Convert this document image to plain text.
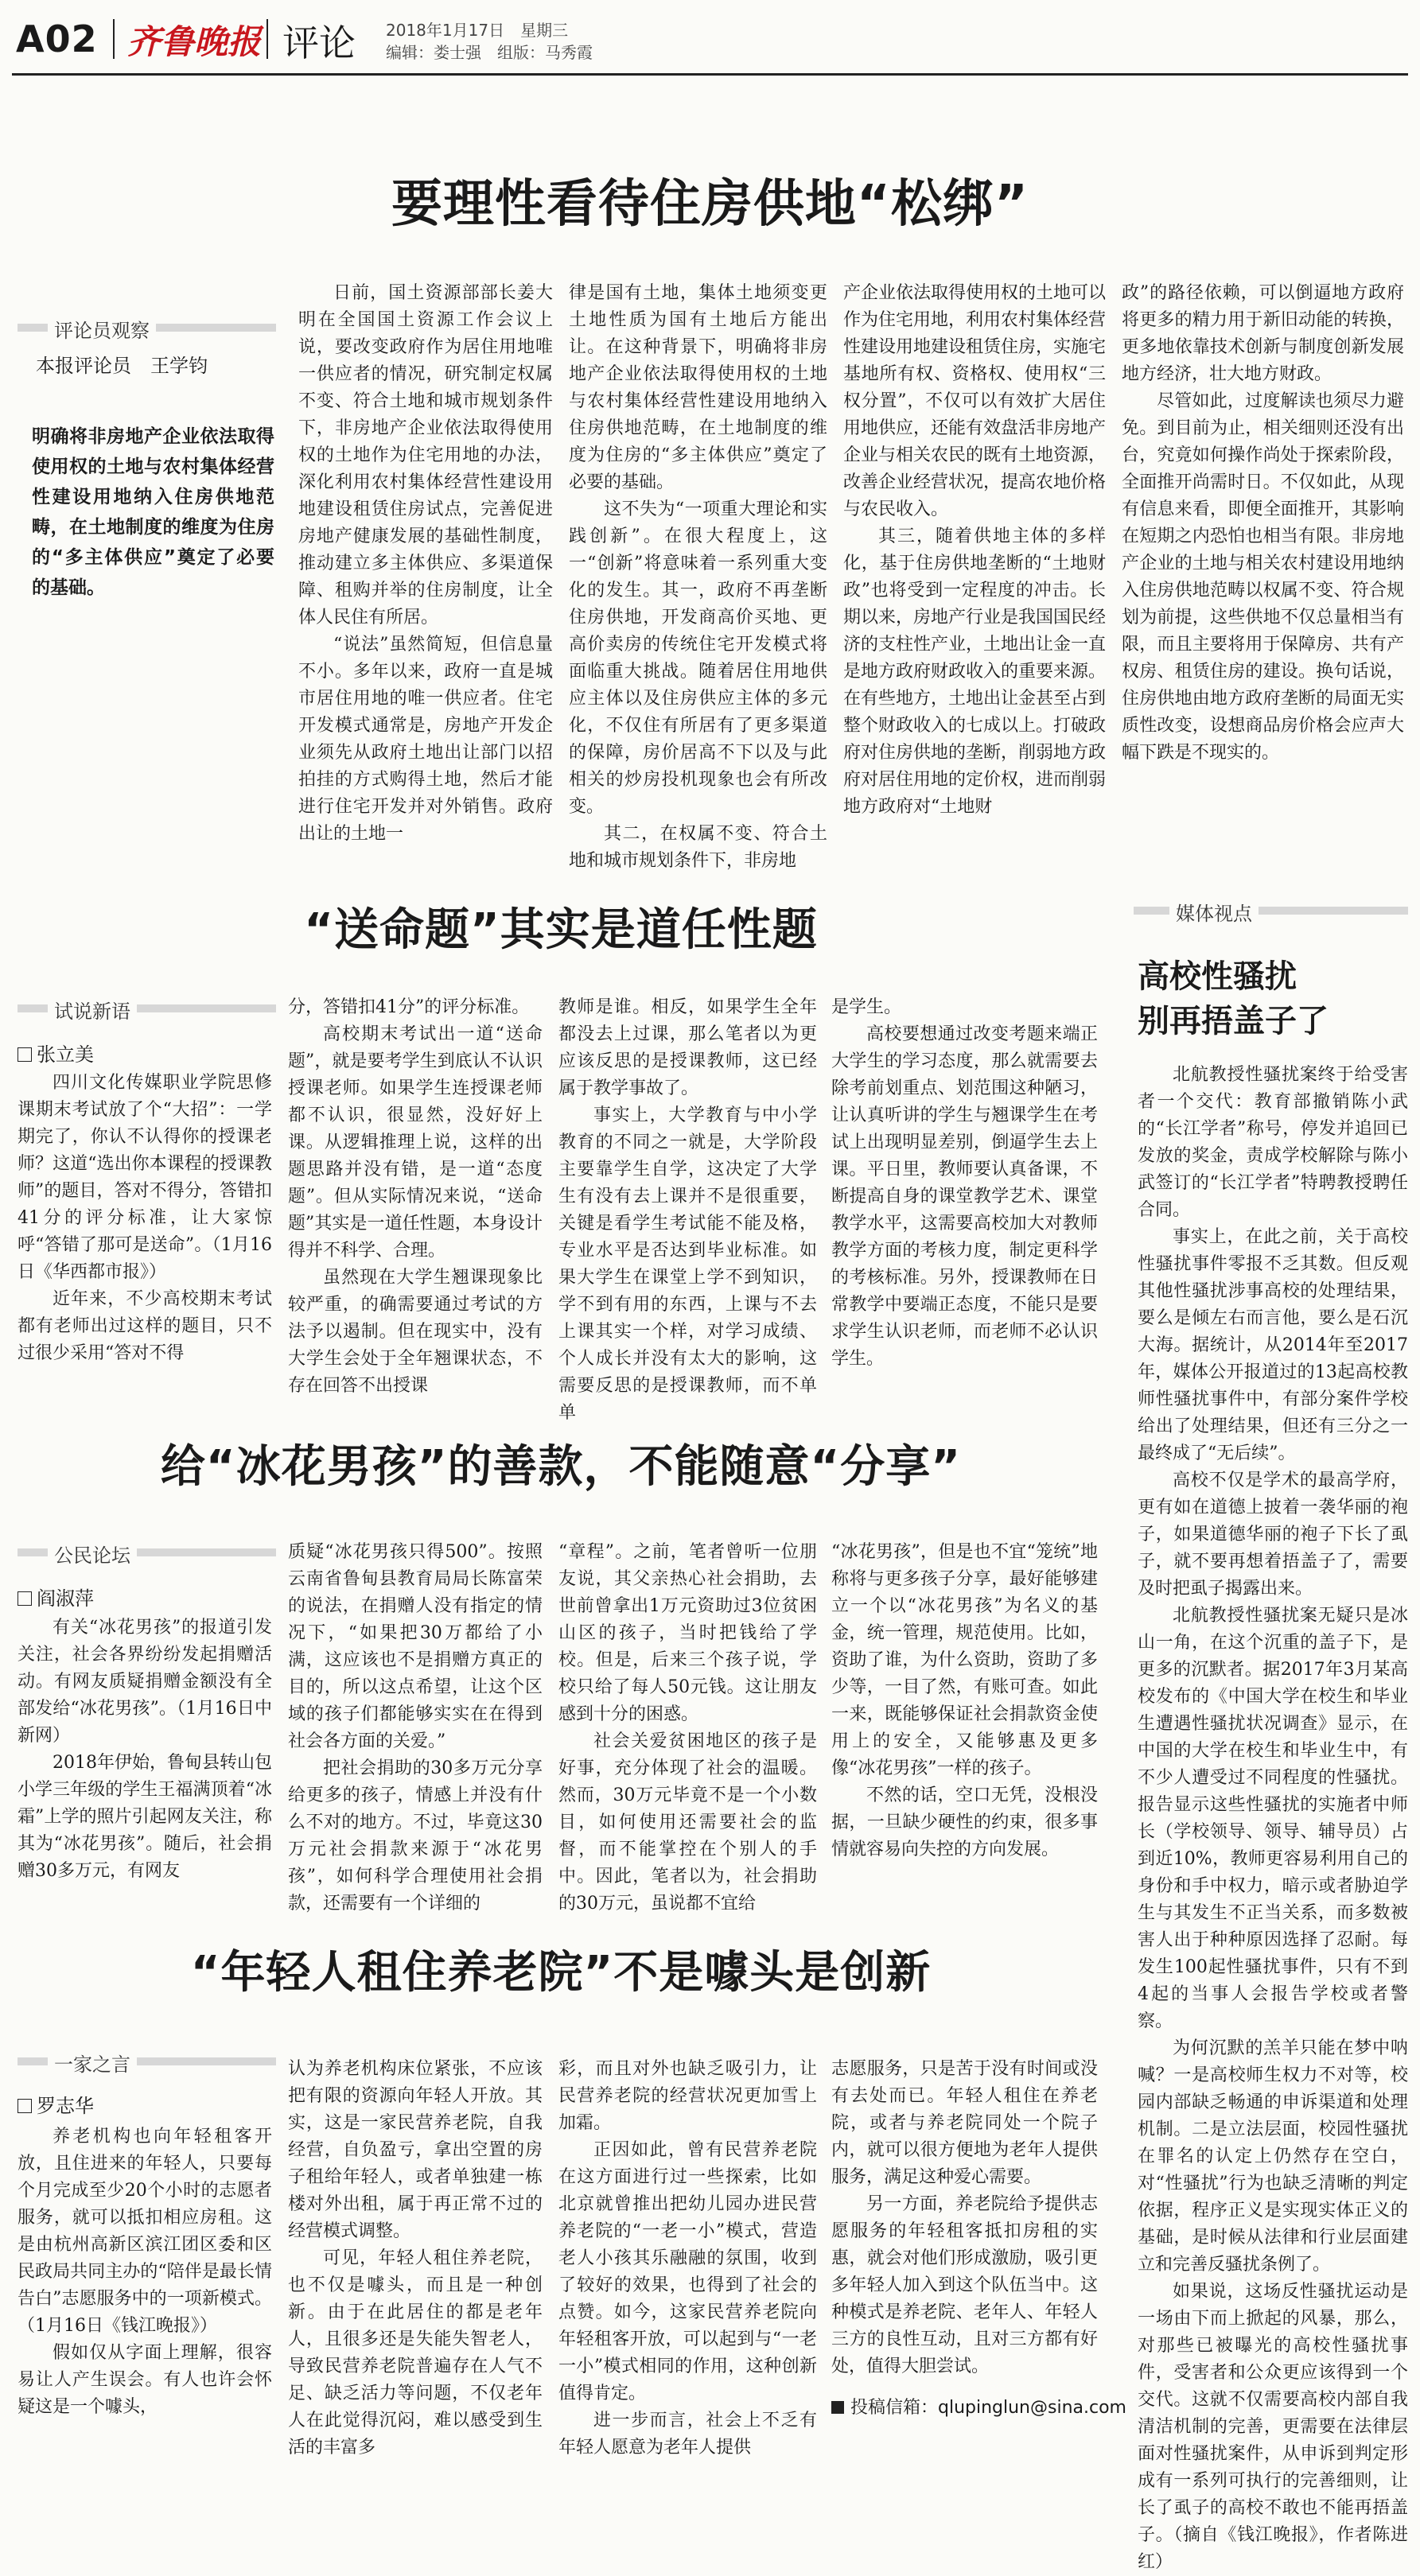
A02 齐鲁晚报 评论 2018年1月17日　星期三
编辑：娄士强　组版：马秀霞
要理性看待住房供地“松绑”
评论员观察
本报评论员　王学钧
明确将非房地产企业依法取得使用权的土地与农村集体经营性建设用地纳入住房供地范畴，在土地制度的维度为住房的“多主体供应”奠定了必要的基础。

日前，国土资源部部长姜大明在全国国土资源工作会议上说，要改变政府作为居住用地唯一供应者的情况，研究制定权属不变、符合土地和城市规划条件下，非房地产企业依法取得使用权的土地作为住宅用地的办法，深化利用农村集体经营性建设用地建设租赁住房试点，完善促进房地产健康发展的基础性制度，推动建立多主体供应、多渠道保障、租购并举的住房制度，让全体人民住有所居。

“说法”虽然简短，但信息量不小。多年以来，政府一直是城市居住用地的唯一供应者。住宅开发模式通常是，房地产开发企业须先从政府土地出让部门以招拍挂的方式购得土地，然后才能进行住宅开发并对外销售。政府出让的土地一

律是国有土地，集体土地须变更土地性质为国有土地后方能出让。在这种背景下，明确将非房地产企业依法取得使用权的土地与农村集体经营性建设用地纳入住房供地范畴，在土地制度的维度为住房的“多主体供应”奠定了必要的基础。

这不失为“一项重大理论和实践创新”。在很大程度上，这一“创新”将意味着一系列重大变化的发生。其一，政府不再垄断住房供地，开发商高价买地、更高价卖房的传统住宅开发模式将面临重大挑战。随着居住用地供应主体以及住房供应主体的多元化，不仅住有所居有了更多渠道的保障，房价居高不下以及与此相关的炒房投机现象也会有所改变。

其二，在权属不变、符合土地和城市规划条件下，非房地

产企业依法取得使用权的土地可以作为住宅用地，利用农村集体经营性建设用地建设租赁住房，实施宅基地所有权、资格权、使用权“三权分置”，不仅可以有效扩大居住用地供应，还能有效盘活非房地产企业与相关农民的既有土地资源，改善企业经营状况，提高农地价格与农民收入。

其三，随着供地主体的多样化，基于住房供地垄断的“土地财政”也将受到一定程度的冲击。长期以来，房地产行业是我国国民经济的支柱性产业，土地出让金一直是地方政府财政收入的重要来源。在有些地方，土地出让金甚至占到整个财政收入的七成以上。打破政府对住房供地的垄断，削弱地方政府对居住用地的定价权，进而削弱地方政府对“土地财

政”的路径依赖，可以倒逼地方政府将更多的精力用于新旧动能的转换，更多地依靠技术创新与制度创新发展地方经济，壮大地方财政。

尽管如此，过度解读也须尽力避免。到目前为止，相关细则还没有出台，究竟如何操作尚处于探索阶段，全面推开尚需时日。不仅如此，从现有信息来看，即便全面推开，其影响在短期之内恐怕也相当有限。非房地产企业的土地与相关农村建设用地纳入住房供地范畴以权属不变、符合规划为前提，这些供地不仅总量相当有限，而且主要将用于保障房、共有产权房、租赁住房的建设。换句话说，住房供地由地方政府垄断的局面无实质性改变，设想商品房价格会应声大幅下跌是不现实的。

“送命题”其实是道任性题
试说新语
张立美

四川文化传媒职业学院思修课期末考试放了个“大招”：一学期完了，你认不认得你的授课老师？这道“选出你本课程的授课教师”的题目，答对不得分，答错扣41分的评分标准，让大家惊呼“答错了那可是送命”。（1月16日《华西都市报》）

近年来，不少高校期末考试都有老师出过这样的题目，只不过很少采用“答对不得

分，答错扣41分”的评分标准。

高校期末考试出一道“送命题”，就是要考学生到底认不认识授课老师。如果学生连授课老师都不认识，很显然，没好好上课。从逻辑推理上说，这样的出题思路并没有错，是一道“态度题”。但从实际情况来说，“送命题”其实是一道任性题，本身设计得并不科学、合理。

虽然现在大学生翘课现象比较严重，的确需要通过考试的方法予以遏制。但在现实中，没有大学生会处于全年翘课状态，不存在回答不出授课

教师是谁。相反，如果学生全年都没去上过课，那么笔者以为更应该反思的是授课教师，这已经属于教学事故了。

事实上，大学教育与中小学教育的不同之一就是，大学阶段主要靠学生自学，这决定了大学生有没有去上课并不是很重要，关键是看学生考试能不能及格，专业水平是否达到毕业标准。如果大学生在课堂上学不到知识，学不到有用的东西，上课与不去上课其实一个样，对学习成绩、个人成长并没有太大的影响，这需要反思的是授课教师，而不单单

是学生。

高校要想通过改变考题来端正大学生的学习态度，那么就需要去除考前划重点、划范围这种陋习，让认真听讲的学生与翘课学生在考试上出现明显差别，倒逼学生去上课。平日里，教师要认真备课，不断提高自身的课堂教学艺术、课堂教学水平，这需要高校加大对教师教学方面的考核力度，制定更科学的考核标准。另外，授课教师在日常教学中要端正态度，不能只是要求学生认识老师，而老师不必认识学生。

给“冰花男孩”的善款，不能随意“分享”
公民论坛
阎淑萍

有关“冰花男孩”的报道引发关注，社会各界纷纷发起捐赠活动。有网友质疑捐赠金额没有全部发给“冰花男孩”。（1月16日中新网）

2018年伊始，鲁甸县转山包小学三年级的学生王福满顶着“冰霜”上学的照片引起网友关注，称其为“冰花男孩”。随后，社会捐赠30多万元，有网友

质疑“冰花男孩只得500”。按照云南省鲁甸县教育局局长陈富荣的说法，在捐赠人没有指定的情况下，“如果把30万都给了小满，这应该也不是捐赠方真正的目的，所以这点希望，让这个区域的孩子们都能够实实在在得到社会各方面的关爱。”

把社会捐助的30多万元分享给更多的孩子，情感上并没有什么不对的地方。不过，毕竟这30万元社会捐款来源于“冰花男孩”，如何科学合理使用社会捐款，还需要有一个详细的

“章程”。之前，笔者曾听一位朋友说，其父亲热心社会捐助，去世前曾拿出1万元资助过3位贫困山区的孩子，当时把钱给了学校。但是，后来三个孩子说，学校只给了每人50元钱。这让朋友感到十分的困惑。

社会关爱贫困地区的孩子是好事，充分体现了社会的温暖。然而，30万元毕竟不是一个小数目，如何使用还需要社会的监督，而不能掌控在个别人的手中。因此，笔者以为，社会捐助的30万元，虽说都不宜给

“冰花男孩”，但是也不宜“笼统”地称将与更多孩子分享，最好能够建立一个以“冰花男孩”为名义的基金，统一管理，规范使用。比如，资助了谁，为什么资助，资助了多少等，一目了然，有账可查。如此一来，既能够保证社会捐款资金使用上的安全，又能够惠及更多像“冰花男孩”一样的孩子。

不然的话，空口无凭，没根没据，一旦缺少硬性的约束，很多事情就容易向失控的方向发展。

“年轻人租住养老院”不是噱头是创新
一家之言
罗志华

养老机构也向年轻租客开放，且住进来的年轻人，只要每个月完成至少20个小时的志愿者服务，就可以抵扣相应房租。这是由杭州高新区滨江团区委和区民政局共同主办的“陪伴是最长情告白”志愿服务中的一项新模式。（1月16日《钱江晚报》）

假如仅从字面上理解，很容易让人产生误会。有人也许会怀疑这是一个噱头，

认为养老机构床位紧张，不应该把有限的资源向年轻人开放。其实，这是一家民营养老院，自我经营，自负盈亏，拿出空置的房子租给年轻人，或者单独建一栋楼对外出租，属于再正常不过的经营模式调整。

可见，年轻人租住养老院，也不仅是噱头，而且是一种创新。由于在此居住的都是老年人，且很多还是失能失智老人，导致民营养老院普遍存在人气不足、缺乏活力等问题，不仅老年人在此觉得沉闷，难以感受到生活的丰富多

彩，而且对外也缺乏吸引力，让民营养老院的经营状况更加雪上加霜。

正因如此，曾有民营养老院在这方面进行过一些探索，比如北京就曾推出把幼儿园办进民营养老院的“一老一小”模式，营造老人小孩其乐融融的氛围，收到了较好的效果，也得到了社会的点赞。如今，这家民营养老院向年轻租客开放，可以起到与“一老一小”模式相同的作用，这种创新值得肯定。

进一步而言，社会上不乏有年轻人愿意为老年人提供

志愿服务，只是苦于没有时间或没有去处而已。年轻人租住在养老院，或者与养老院同处一个院子内，就可以很方便地为老年人提供服务，满足这种爱心需要。

另一方面，养老院给予提供志愿服务的年轻租客抵扣房租的实惠，就会对他们形成激励，吸引更多年轻人加入到这个队伍当中。这种模式是养老院、老年人、年轻人三方的良性互动，且对三方都有好处，值得大胆尝试。

投稿信箱：qlupinglun@sina.com
媒体视点
高校性骚扰
别再捂盖子了

北航教授性骚扰案终于给受害者一个交代：教育部撤销陈小武的“长江学者”称号，停发并追回已发放的奖金，责成学校解除与陈小武签订的“长江学者”特聘教授聘任合同。

事实上，在此之前，关于高校性骚扰事件零报不乏其数。但反观其他性骚扰涉事高校的处理结果，要么是倾左右而言他，要么是石沉大海。据统计，从2014年至2017年，媒体公开报道过的13起高校教师性骚扰事件中，有部分案件学校给出了处理结果，但还有三分之一最终成了“无后续”。

高校不仅是学术的最高学府，更有如在道德上披着一袭华丽的袍子，如果道德华丽的袍子下长了虱子，就不要再想着捂盖子了，需要及时把虱子揭露出来。

北航教授性骚扰案无疑只是冰山一角，在这个沉重的盖子下，是更多的沉默者。据2017年3月某高校发布的《中国大学在校生和毕业生遭遇性骚扰状况调查》显示，在中国的大学在校生和毕业生中，有不少人遭受过不同程度的性骚扰。报告显示这些性骚扰的实施者中师长（学校领导、领导、辅导员）占到近10%，教师更容易利用自己的身份和手中权力，暗示或者胁迫学生与其发生不正当关系，而多数被害人出于种种原因选择了忍耐。每发生100起性骚扰事件，只有不到4起的当事人会报告学校或者警察。

为何沉默的羔羊只能在梦中呐喊？一是高校师生权力不对等，校园内部缺乏畅通的申诉渠道和处理机制。二是立法层面，校园性骚扰在罪名的认定上仍然存在空白，对“性骚扰”行为也缺乏清晰的判定依据，程序正义是实现实体正义的基础，是时候从法律和行业层面建立和完善反骚扰条例了。

如果说，这场反性骚扰运动是一场由下而上掀起的风暴，那么，对那些已被曝光的高校性骚扰事件，受害者和公众更应该得到一个交代。这就不仅需要高校内部自我清洁机制的完善，更需要在法律层面对性骚扰案件，从申诉到判定形成有一系列可执行的完善细则，让长了虱子的高校不敢也不能再捂盖子。（摘自《钱江晚报》，作者陈进红）
